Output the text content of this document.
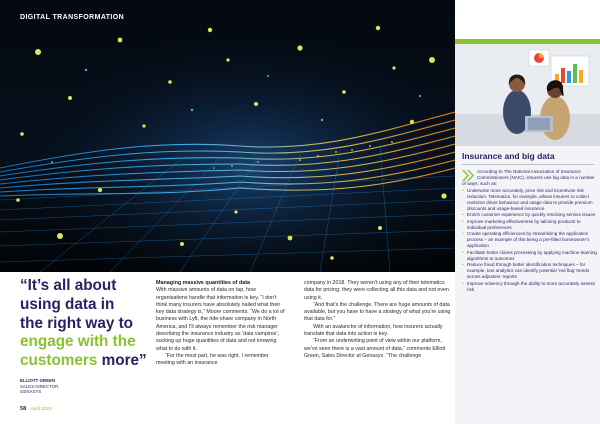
DIGITAL TRANSFORMATION

“It’s all about
using data in
the right way to
engage with the
customers more”

ELLIOTT GREEN
SALES DIRECTOR,
GENASYS
Managing massive quantities of data

With massive amounts of data on tap, how organisations handle that information is key. “I don’t think many insurers have absolutely nailed what their key data strategy is,” Moore comments. “We do a lot of business with Lyft, the ride-share company in North America, and I’ll always remember the risk manager describing the insurance industry as ‘data vampires’, sucking up huge quantities of data and not knowing what to do with it.

“For the most part, he was right. I remember meeting with an insurance

company in 2018. They weren’t using any of their telematics data for pricing; they were collecting all this data and not even using it.

“And that’s the challenge. There are huge amounts of data available, but you have to have a strategy of what you’re using that data for.”

With an avalanche of information, how insurers actually translate that data into action is key.

“From an underwriting point of view within our platform, we’ve seen there is a vast amount of data,” comments Elliott Green, Sales Director at Genasys. “The challenge

58 April 2023
Insurance and big data

According to The National Association of Insurance Commissioners (NAIC), insurers use big data in a number of ways, such as:

• Underwrite more accurately, price risk and incentivise risk reduction. Telematics, for example, allows insurers to collect real-time driver behaviour and usage data to provide premium discounts and usage-based insurance
• Enrich customer experience by quickly resolving service issues
• Improve marketing effectiveness by tailoring products to individual preferences
• Create operating efficiencies by streamlining the application process – an example of this being a pre-filled homeowner’s application
• Facilitate better claims processing by applying machine learning algorithms to outcomes
• Reduce fraud through better identification techniques – for example, text analytics can identify potential ‘red flag’ trends across adjusters’ reports
• Improve solvency through the ability to more accurately assess risk
